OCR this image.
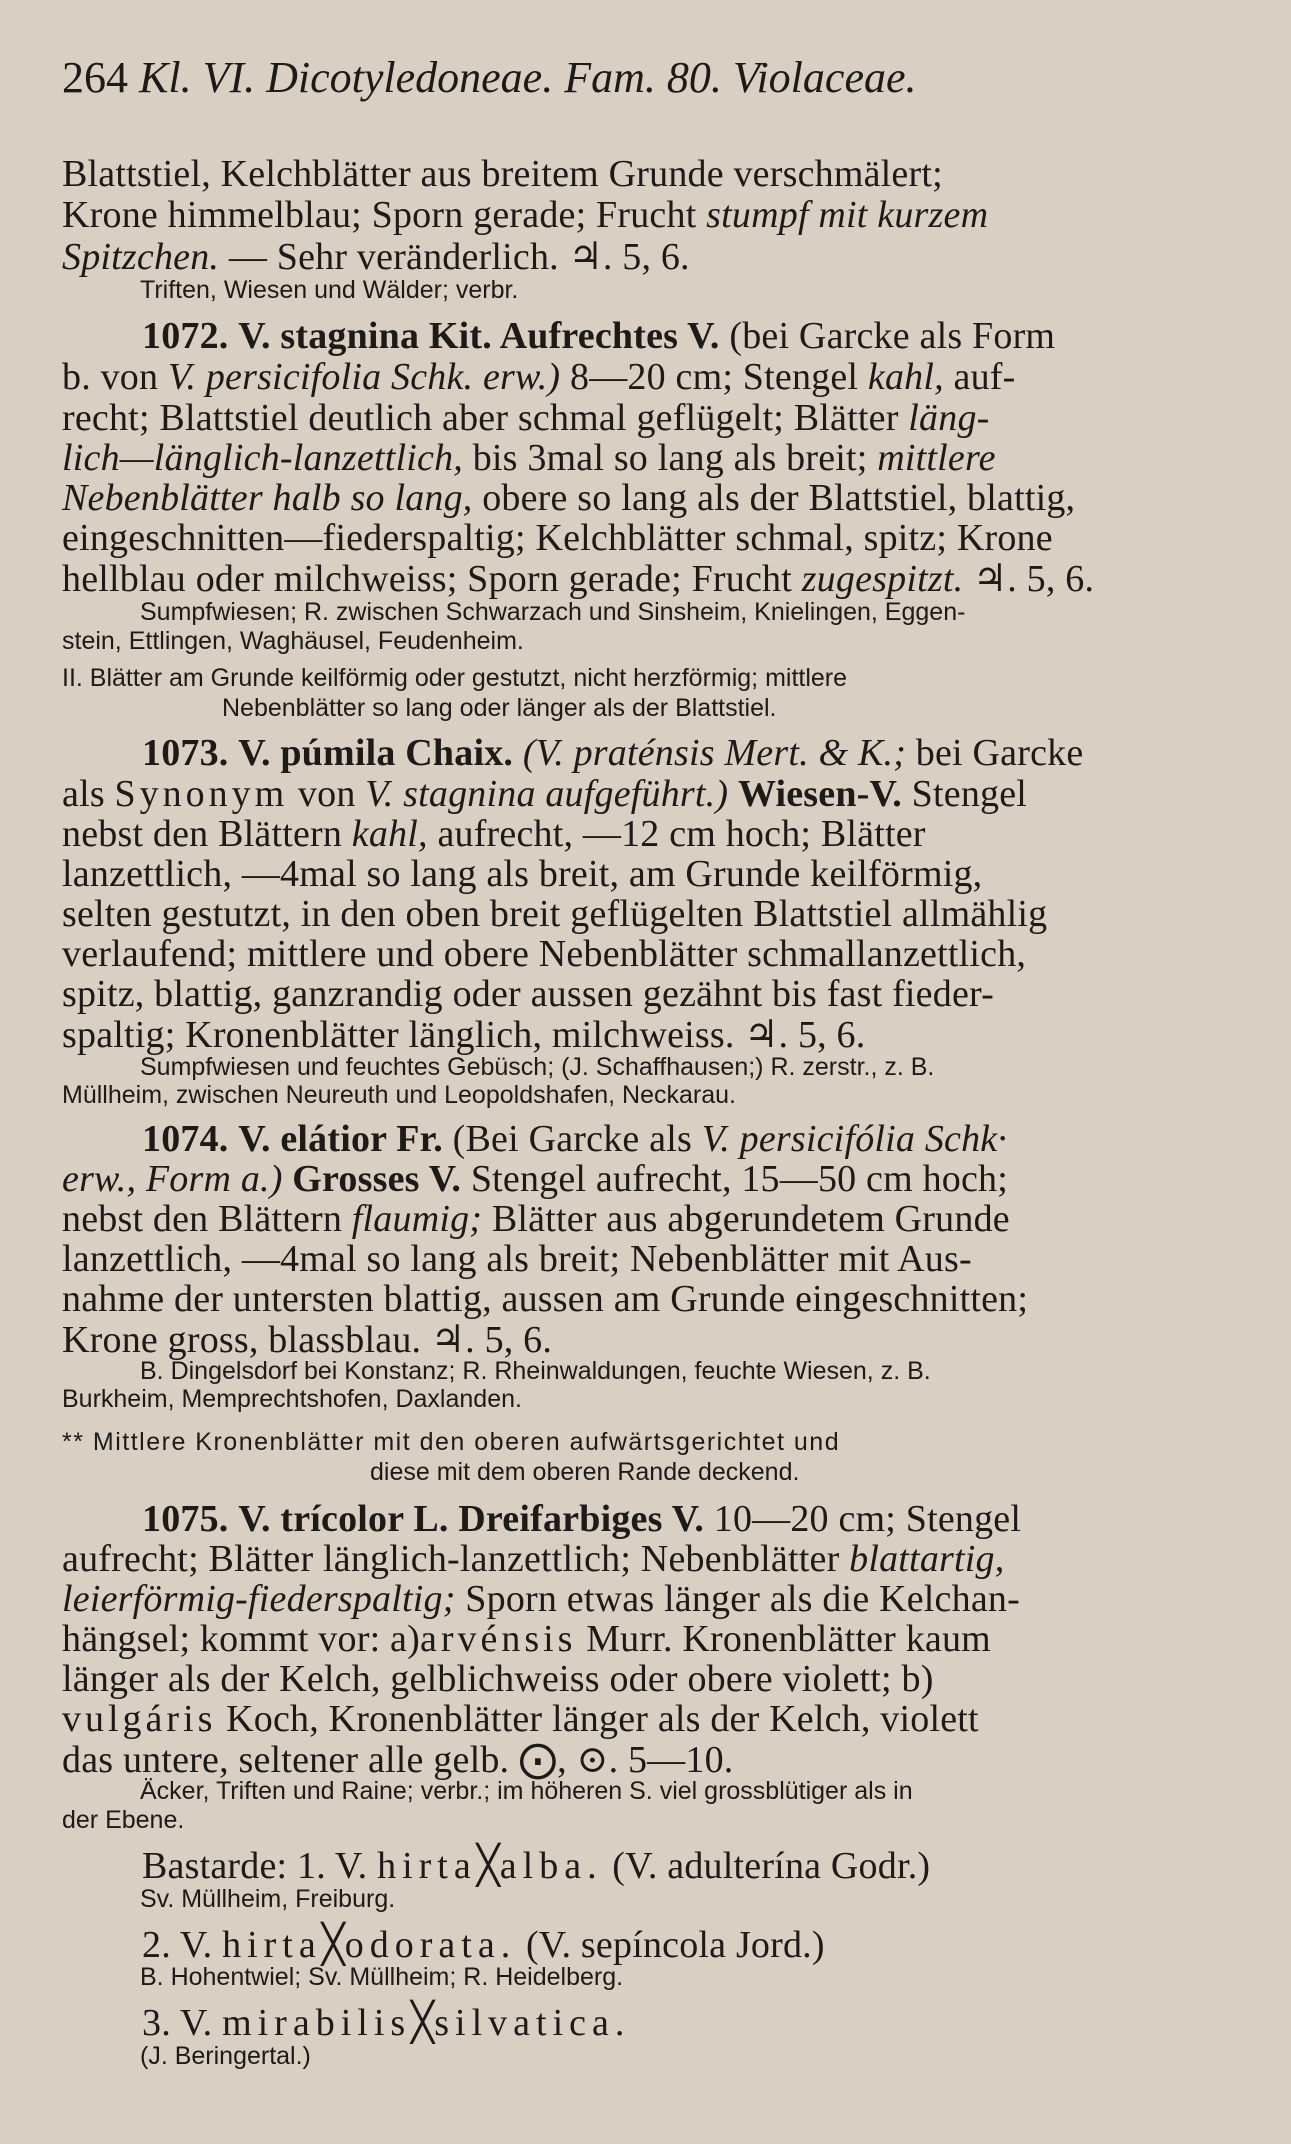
264 Kl. VI. Dicotyledoneae. Fam. 80. Violaceae.

Blattstiel, Kelchblätter aus breitem Grunde verschmälert;

Krone himmelblau; Sporn gerade; Frucht stumpf mit kurzem

Spitzchen. — Sehr veränderlich. ♃. 5, 6.

Triften, Wiesen und Wälder; verbr.

1072. V. stagnina Kit. Aufrechtes V. (bei Garcke als Form

b. von V. persicifolia Schk. erw.) 8—20 cm; Stengel kahl, auf-

recht; Blattstiel deutlich aber schmal geflügelt; Blätter läng-

lich—länglich-lanzettlich, bis 3mal so lang als breit; mittlere

Nebenblätter halb so lang, obere so lang als der Blattstiel, blattig,

eingeschnitten—fiederspaltig; Kelchblätter schmal, spitz; Krone

hellblau oder milchweiss; Sporn gerade; Frucht zugespitzt. ♃. 5, 6.

Sumpfwiesen; R. zwischen Schwarzach und Sinsheim, Knielingen, Eggen-

stein, Ettlingen, Waghäusel, Feudenheim.

II. Blätter am Grunde keilförmig oder gestutzt, nicht herzförmig; mittlere

Nebenblätter so lang oder länger als der Blattstiel.

1073. V. púmila Chaix. (V. praténsis Mert. & K.; bei Garcke

als Synonym von V. stagnina aufgeführt.) Wiesen-V. Stengel

nebst den Blättern kahl, aufrecht, —12 cm hoch; Blätter

lanzettlich, —4mal so lang als breit, am Grunde keilförmig,

selten gestutzt, in den oben breit geflügelten Blattstiel allmählig

verlaufend; mittlere und obere Nebenblätter schmallanzettlich,

spitz, blattig, ganzrandig oder aussen gezähnt bis fast fieder-

spaltig; Kronenblätter länglich, milchweiss. ♃. 5, 6.

Sumpfwiesen und feuchtes Gebüsch; (J. Schaffhausen;) R. zerstr., z. B.

Müllheim, zwischen Neureuth und Leopoldshafen, Neckarau.

1074. V. elátior Fr. (Bei Garcke als V. persicifólia Schk·

erw., Form a.) Grosses V. Stengel aufrecht, 15—50 cm hoch;

nebst den Blättern flaumig; Blätter aus abgerundetem Grunde

lanzettlich, —4mal so lang als breit; Nebenblätter mit Aus-

nahme der untersten blattig, aussen am Grunde eingeschnitten;

Krone gross, blassblau. ♃. 5, 6.

B. Dingelsdorf bei Konstanz; R. Rheinwaldungen, feuchte Wiesen, z. B.

Burkheim, Memprechtshofen, Daxlanden.

** Mittlere Kronenblätter mit den oberen aufwärtsgerichtet und

diese mit dem oberen Rande deckend.

1075. V. trícolor L. Dreifarbiges V. 10—20 cm; Stengel

aufrecht; Blätter länglich-lanzettlich; Nebenblätter blattartig,

leierförmig-fiederspaltig; Sporn etwas länger als die Kelchan-

hängsel; kommt vor: a)arvénsis Murr. Kronenblätter kaum

länger als der Kelch, gelblichweiss oder obere violett; b)

vulgáris Koch, Kronenblätter länger als der Kelch, violett

das untere, seltener alle gelb. ⨀, ⊙. 5—10.

Äcker, Triften und Raine; verbr.; im höheren S. viel grossblütiger als in

der Ebene.

Bastarde: 1. V. hirta╳alba. (V. adulterína Godr.)

Sv. Müllheim, Freiburg.

2. V. hirta╳odorata. (V. sepíncola Jord.)

B. Hohentwiel; Sv. Müllheim; R. Heidelberg.

3. V. mirabilis╳silvatica.

(J. Beringertal.)
